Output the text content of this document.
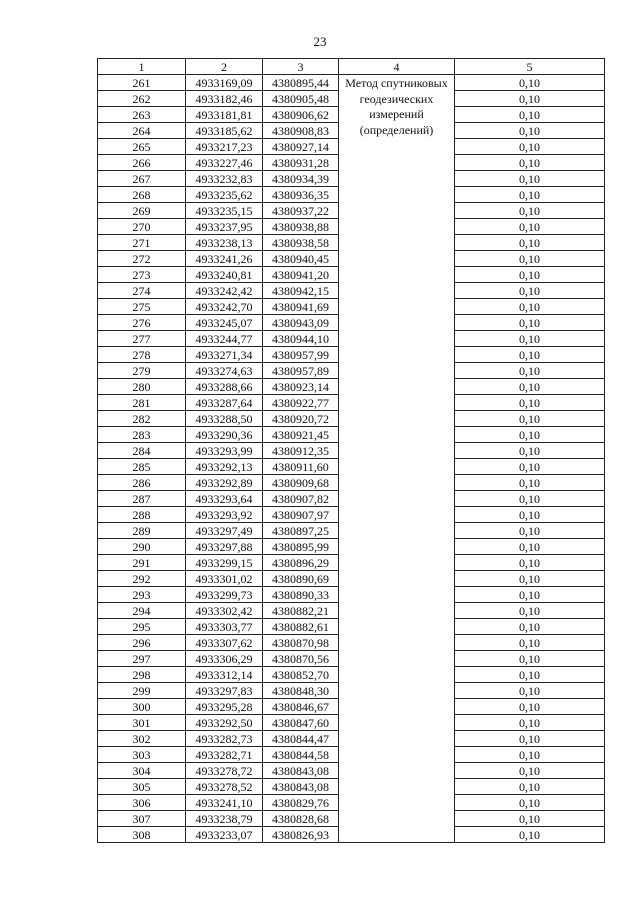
23
1	2	3	4	5
261	4933169,09	4380895,44	Метод спутниковых
геодезических
измерений
(определений)	0,10
262	4933182,46	4380905,48		0,10
263	4933181,81	4380906,62		0,10
264	4933185,62	4380908,83		0,10
265	4933217,23	4380927,14		0,10
266	4933227,46	4380931,28		0,10
267	4933232,83	4380934,39		0,10
268	4933235,62	4380936,35		0,10
269	4933235,15	4380937,22		0,10
270	4933237,95	4380938,88		0,10
271	4933238,13	4380938,58		0,10
272	4933241,26	4380940,45		0,10
273	4933240,81	4380941,20		0,10
274	4933242,42	4380942,15		0,10
275	4933242,70	4380941,69		0,10
276	4933245,07	4380943,09		0,10
277	4933244,77	4380944,10		0,10
278	4933271,34	4380957,99		0,10
279	4933274,63	4380957,89		0,10
280	4933288,66	4380923,14		0,10
281	4933287,64	4380922,77		0,10
282	4933288,50	4380920,72		0,10
283	4933290,36	4380921,45		0,10
284	4933293,99	4380912,35		0,10
285	4933292,13	4380911,60		0,10
286	4933292,89	4380909,68		0,10
287	4933293,64	4380907,82		0,10
288	4933293,92	4380907,97		0,10
289	4933297,49	4380897,25		0,10
290	4933297,88	4380895,99		0,10
291	4933299,15	4380896,29		0,10
292	4933301,02	4380890,69		0,10
293	4933299,73	4380890,33		0,10
294	4933302,42	4380882,21		0,10
295	4933303,77	4380882,61		0,10
296	4933307,62	4380870,98		0,10
297	4933306,29	4380870,56		0,10
298	4933312,14	4380852,70		0,10
299	4933297,83	4380848,30		0,10
300	4933295,28	4380846,67		0,10
301	4933292,50	4380847,60		0,10
302	4933282,73	4380844,47		0,10
303	4933282,71	4380844,58		0,10
304	4933278,72	4380843,08		0,10
305	4933278,52	4380843,08		0,10
306	4933241,10	4380829,76		0,10
307	4933238,79	4380828,68		0,10
308	4933233,07	4380826,93		0,10
